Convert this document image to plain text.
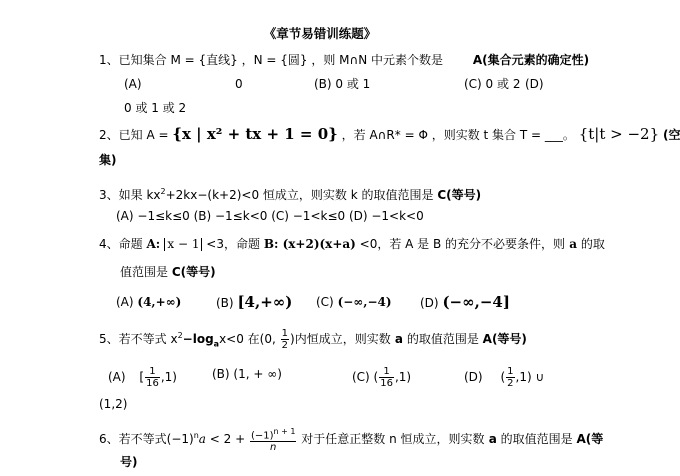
《章节易错训练题》
1、已知集合 M = {直线} ，N = {圆} ，则 M∩N 中元素个数是 A(集合元素的确定性)
(A)	0	(B) 0 或 1	(C) 0 或 2 (D)
0 或 1 或 2
2、已知 A = {x | x² + tx + 1 = 0} ，若 A∩R* = Φ ，则实数 t 集合 T = ___。 {t|t > −2} (空
集)
3、如果 $kx^2+2kx-(k+2)<0$ 恒成立，则实数 k 的取值范围是 C(等号)
(A) −1≤k≤0 (B) −1≤k<0 (C) −1<k≤0 (D) −1<k<0
4、命题 A: x − 1 <3，命题 B: (x+2)(x+a) <0，若 A 是 B 的充分不必要条件，则 a 的取
值范围是 C(等号)
(A) (4,+∞)	(B) [4,+∞) (C) (−∞,−4) (D) (−∞,−4]
5、若不等式 $x^2-\log_ax<0$ 在(0, $\frac{1}{2}$ )内恒成立，则实数 a 的取值范围是 A(等号)
(A) [ $\frac{1}{16} ,1$)	(B) (1, + ∞)	(C) ( $\frac{1}{16} ,1$)	(D) ( $\frac{1}{2} ,1$) ∪
(1,2)
6、若不等式$(-1)^na < 2 + \frac{(-1)^{n + 1}}{n}$ 对于任意正整数 n 恒成立，则实数 a 的取值范围是 A(等
号)
